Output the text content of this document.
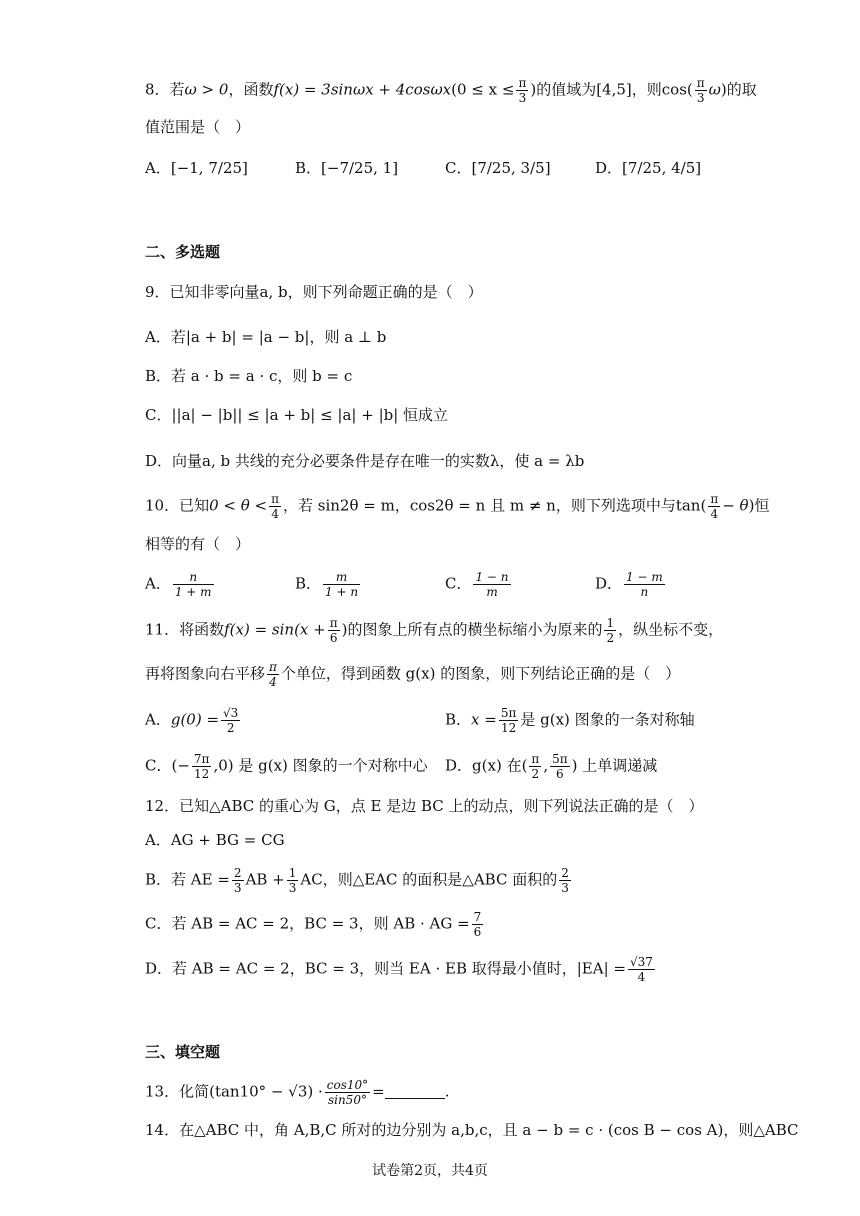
8．若ω > 0，函数$f(x) = 3\sin\omega x + 4\cos\omega x(0 \le x \le \frac{\pi}{3}$ )的值域为[4,5]，则$\cos( \frac{\pi}{3} \omega)$的取
值范围是（　）
A．[−1, 7/25]	B．[−7/25, 1]	C．[7/25, 3/5]	D．[7/25, 4/5]
二、多选题
9．已知非零向量a, b，则下列命题正确的是（　）
A．若|a + b| = |a − b|，则 a ⊥ b
B．若 a · b = a · c，则 b = c
C．||a| − |b|| ≤ |a + b| ≤ |a| + |b| 恒成立
D．向量a, b 共线的充分必要条件是存在唯一的实数λ，使 a = λb
10．已知$0 < \theta < \frac{\pi}{4}$ ，若 sin2θ = m，cos2θ = n 且 m ≠ n，则下列选项中与$\tan( \frac{\pi}{4} - \theta)$恒
相等的有（　）
A． $\frac{n}{1 + m}$	B． $\frac{m}{1 + n}$	C． $\frac{1 - n}{m}$	D． $\frac{1 - m}{n}$
11．将函数$f(x) = \sin(x + \frac{\pi}{6}$ )的图象上所有点的横坐标缩小为原来的 $\frac{1}{2}$ ，纵坐标不变，
再将图象向右平移 $\frac{\pi}{4}$ 个单位，得到函数 g(x) 的图象，则下列结论正确的是（　）
A．$g(0) = \frac{√3}{2}$	B．$x = \frac{5\pi}{12}$ 是 g(x) 图象的一条对称轴
C．(− $\frac{7\pi}{12} ,0$) 是 g(x) 图象的一个对称中心 D．g(x) 在( $\frac{\pi}{2}$ , $\frac{5\pi}{6}$ ) 上单调递减
12．已知△ABC 的重心为 G，点 E 是边 BC 上的动点，则下列说法正确的是（　）
A．AG + BG = CG
B．若 AE = $\frac{2}{3}$ AB + $\frac{1}{3}$ AC，则△EAC 的面积是△ABC 面积的 $\frac{2}{3}$
C．若 AB = AC = 2，BC = 3，则 AB · AG = $\frac{7}{6}$
D．若 AB = AC = 2，BC = 3，则当 EA · EB 取得最小值时，$|EA| = \frac{√37}{4}$
三、填空题
13．化简$(\tan 10^\circ - √3) \cdot \frac{\cos 10^\circ}{\sin 50^\circ}$ =	.
14．在△ABC 中，角 A,B,C 所对的边分别为 a,b,c，且 a − b = c · (cos B − cos A)，则△ABC
试卷第2页，共4页
